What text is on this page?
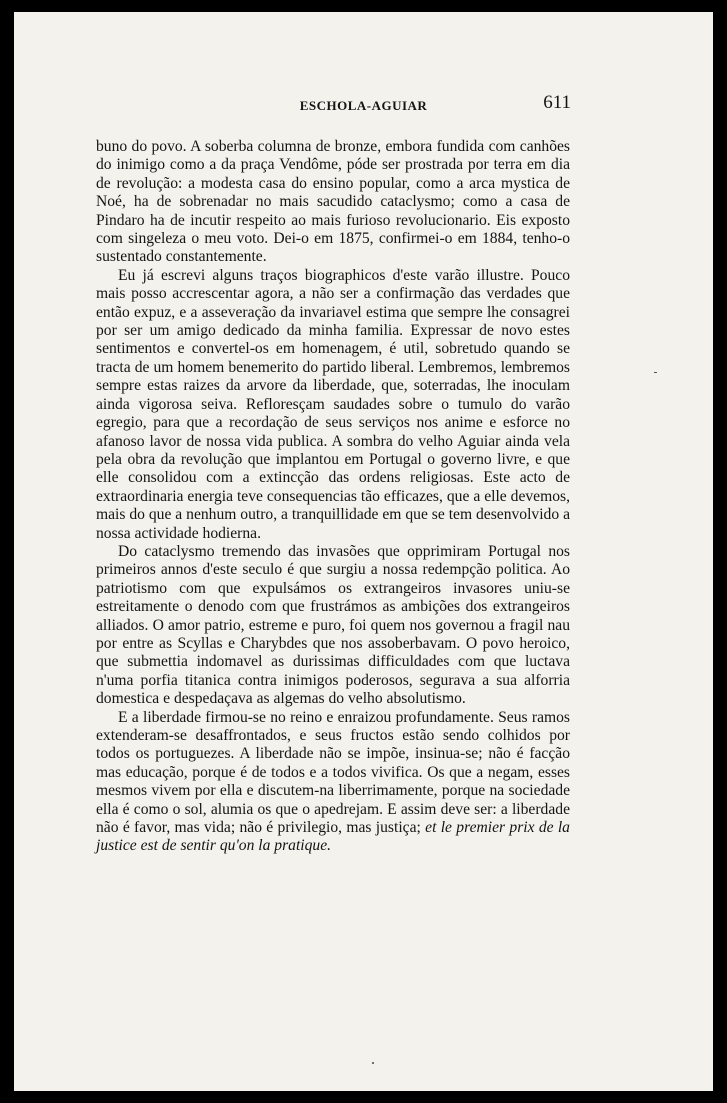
ESCHOLA-AGUIAR	611

buno do povo. A soberba columna de bronze, embora fundida com canhões do inimigo como a da praça Vendôme, póde ser prostrada por terra em dia de revolução: a modesta casa do ensino popular, como a arca mystica de Noé, ha de sobrenadar no mais sacudido cataclysmo; como a casa de Pindaro ha de incutir respeito ao mais furioso revolucionario. Eis exposto com singeleza o meu voto. Dei-o em 1875, confirmei-o em 1884, tenho-o sustentado constantemente.

Eu já escrevi alguns traços biographicos d'este varão illustre. Pouco mais posso accrescentar agora, a não ser a confirmação das verdades que então expuz, e a asseveração da invariavel estima que sempre lhe consagrei por ser um amigo dedicado da minha familia. Expressar de novo estes sentimentos e convertel-os em homenagem, é util, sobretudo quando se tracta de um homem benemerito do partido liberal. Lembremos, lembremos sempre estas raizes da arvore da liberdade, que, soterradas, lhe inoculam ainda vigorosa seiva. Refloresçam saudades sobre o tumulo do varão egregio, para que a recordação de seus serviços nos anime e esforce no afanoso lavor de nossa vida publica. A sombra do velho Aguiar ainda vela pela obra da revolução que implantou em Portugal o governo livre, e que elle consolidou com a extincção das ordens religiosas. Este acto de extraordinaria energia teve consequencias tão efficazes, que a elle devemos, mais do que a nenhum outro, a tranquillidade em que se tem desenvolvido a nossa actividade hodierna.

Do cataclysmo tremendo das invasões que opprimiram Portugal nos primeiros annos d'este seculo é que surgiu a nossa redempção politica. Ao patriotismo com que expulsámos os extrangeiros invasores uniu-se estreitamente o denodo com que frustrámos as ambições dos extrangeiros alliados. O amor patrio, estreme e puro, foi quem nos governou a fragil nau por entre as Scyllas e Charybdes que nos assoberbavam. O povo heroico, que submettia indomavel as durissimas difficuldades com que luctava n'uma porfia titanica contra inimigos poderosos, segurava a sua alforria domestica e despedaçava as algemas do velho absolutismo.

E a liberdade firmou-se no reino e enraizou profundamente. Seus ramos extenderam-se desaffrontados, e seus fructos estão sendo colhidos por todos os portuguezes. A liberdade não se impõe, insinua-se; não é facção mas educação, porque é de todos e a todos vivifica. Os que a negam, esses mesmos vivem por ella e discutem-na liberrimamente, porque na sociedade ella é como o sol, alumia os que o apedrejam. E assim deve ser: a liberdade não é favor, mas vida; não é privilegio, mas justiça; et le premier prix de la justice est de sentir qu'on la pratique.
